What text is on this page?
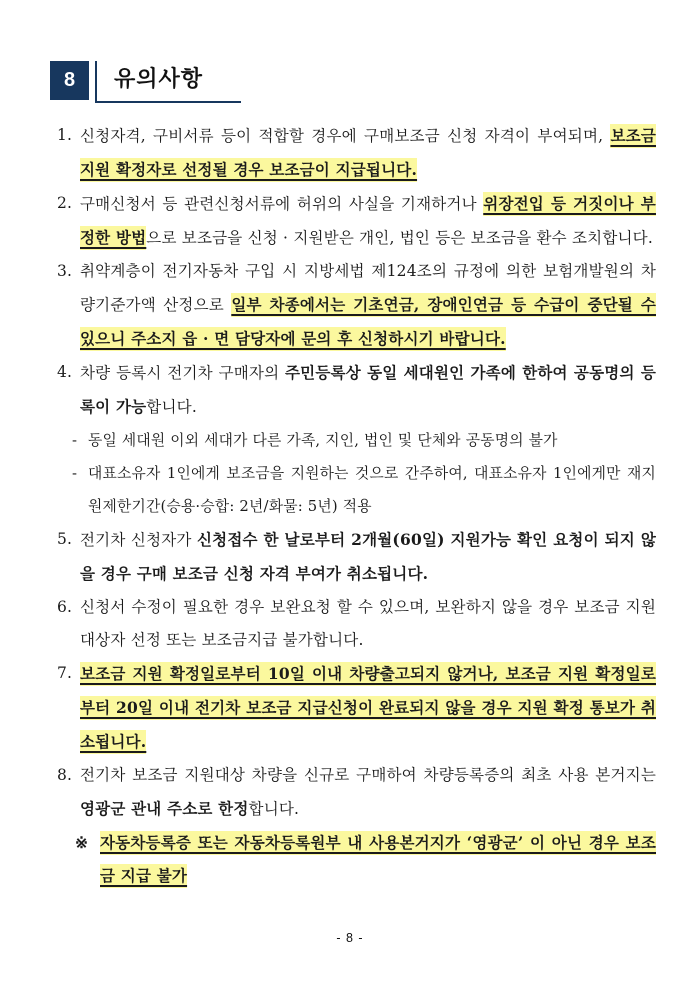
8	유의사항
1. 신청자격, 구비서류 등이 적합할 경우에 구매보조금 신청 자격이 부여되며, 보조금 지원 확정자로 선정될 경우 보조금이 지급됩니다.
2. 구매신청서 등 관련신청서류에 허위의 사실을 기재하거나 위장전입 등 거짓이나 부정한 방법으로 보조금을 신청 · 지원받은 개인, 법인 등은 보조금을 환수 조치합니다.
3. 취약계층이 전기자동차 구입 시 지방세법 제124조의 규정에 의한 보험개발원의 차량기준가액 산정으로 일부 차종에서는 기초연금, 장애인연금 등 수급이 중단될 수 있으니 주소지 읍 · 면 담당자에 문의 후 신청하시기 바랍니다.
4. 차량 등록시 전기차 구매자의 주민등록상 동일 세대원인 가족에 한하여 공동명의 등록이 가능합니다.
- 동일 세대원 이외 세대가 다른 가족, 지인, 법인 및 단체와 공동명의 불가
- 대표소유자 1인에게 보조금을 지원하는 것으로 간주하여, 대표소유자 1인에게만 재지원제한기간(승용·승합: 2년/화물: 5년) 적용
5. 전기차 신청자가 신청접수 한 날로부터 2개월(60일) 지원가능 확인 요청이 되지 않을 경우 구매 보조금 신청 자격 부여가 취소됩니다.
6. 신청서 수정이 필요한 경우 보완요청 할 수 있으며, 보완하지 않을 경우 보조금 지원대상자 선정 또는 보조금지급 불가합니다.
7. 보조금 지원 확정일로부터 10일 이내 차량출고되지 않거나, 보조금 지원 확정일로부터 20일 이내 전기차 보조금 지급신청이 완료되지 않을 경우 지원 확정 통보가 취소됩니다.
8. 전기차 보조금 지원대상 차량을 신규로 구매하여 차량등록증의 최초 사용 본거지는 영광군 관내 주소로 한정합니다.
※ 자동차등록증 또는 자동차등록원부 내 사용본거지가 ‘영광군’ 이 아닌 경우 보조금 지급 불가
- 8 -
